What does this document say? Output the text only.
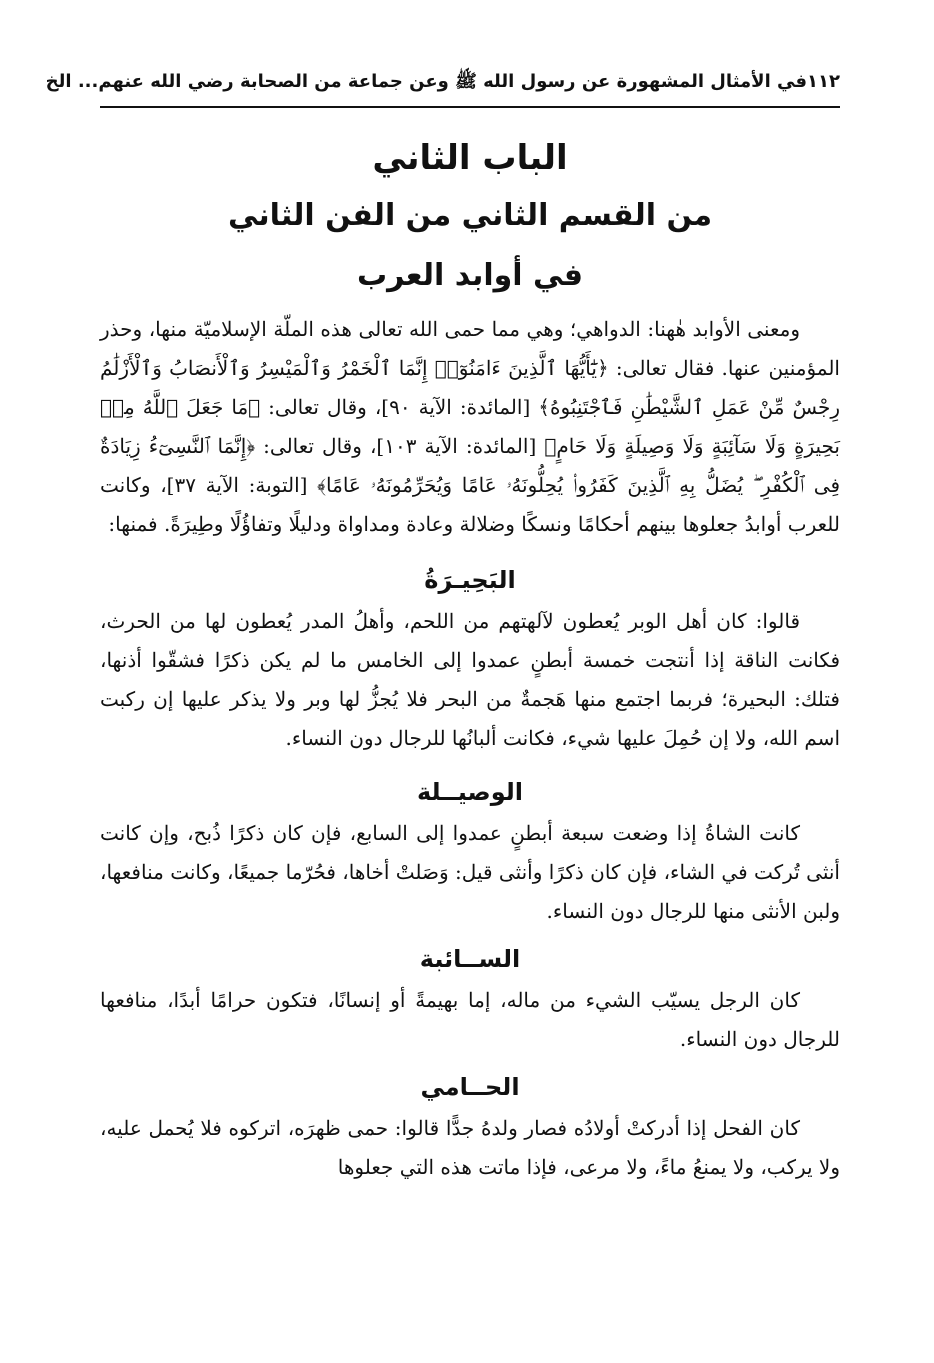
١١٢
في الأمثال المشهورة عن رسول الله ﷺ وعن جماعة من الصحابة رضي الله عنهم... الخ
الباب الثاني
من القسم الثاني من الفن الثاني
في أوابد العرب

ومعنى الأوابد هٰهنا: الدواهي؛ وهي مما حمى الله تعالى هذه الملّة الإسلاميّة منها، وحذر المؤمنين عنها. فقال تعالى: ﴿يَٰٓأَيُّهَا ٱلَّذِينَ ءَامَنُوٓا۟ إِنَّمَا ٱلْخَمْرُ وَٱلْمَيْسِرُ وَٱلْأَنصَابُ وَٱلْأَزْلَٰمُ رِجْسٌ مِّنْ عَمَلِ ٱلشَّيْطَٰنِ فَٱجْتَنِبُوهُ﴾ [المائدة: الآية ٩٠]، وقال تعالى: ﴿مَا جَعَلَ ٱللَّهُ مِنۢ بَحِيرَةٍ وَلَا سَآئِبَةٍ وَلَا وَصِيلَةٍ وَلَا حَامٍ﴾ [المائدة: الآية ١٠٣]، وقال تعالى: ﴿إِنَّمَا ٱلنَّسِىٓءُ زِيَادَةٌ فِى ٱلْكُفْرِ ۖ يُضَلُّ بِهِ ٱلَّذِينَ كَفَرُوا۟ يُحِلُّونَهُۥ عَامًا وَيُحَرِّمُونَهُۥ عَامًا﴾ [التوبة: الآية ٣٧]، وكانت للعرب أوابدُ جعلوها بينهم أحكامًا ونسكًا وضلالة وعادة ومداواة ودليلًا وتفاؤُلًا وطِيرَةً. فمنها:

البَحِيـرَةُ

قالوا: كان أهل الوبر يُعطون لآلهتهم من اللحم، وأهلُ المدر يُعطون لها من الحرث، فكانت الناقة إذا أنتجت خمسة أبطنٍ عمدوا إلى الخامس ما لم يكن ذكرًا فشقّوا أذنها، فتلك: البحيرة؛ فربما اجتمع منها هَجمةٌ من البحر فلا يُجزُّ لها وبر ولا يذكر عليها إن ركبت اسم الله، ولا إن حُمِلَ عليها شيء، فكانت ألبانُها للرجال دون النساء.

الوصيــلة

كانت الشاةُ إذا وضعت سبعة أبطنٍ عمدوا إلى السابع، فإن كان ذكرًا ذُبح، وإن كانت أنثى تُركت في الشاء، فإن كان ذكرًا وأنثى قيل: وَصَلتْ أخاها، فحُرّما جميعًا، وكانت منافعها، ولبن الأنثى منها للرجال دون النساء.

الســائبة

كان الرجل يسيّب الشيء من ماله، إما بهيمةً أو إنسانًا، فتكون حرامًا أبدًا، منافعها للرجال دون النساء.

الحــامي

كان الفحل إذا أدركتْ أولادُه فصار ولدهُ جدًّا قالوا: حمى ظهرَه، اتركوه فلا يُحمل عليه، ولا يركب، ولا يمنعُ ماءً، ولا مرعى، فإذا ماتت هذه التي جعلوها
